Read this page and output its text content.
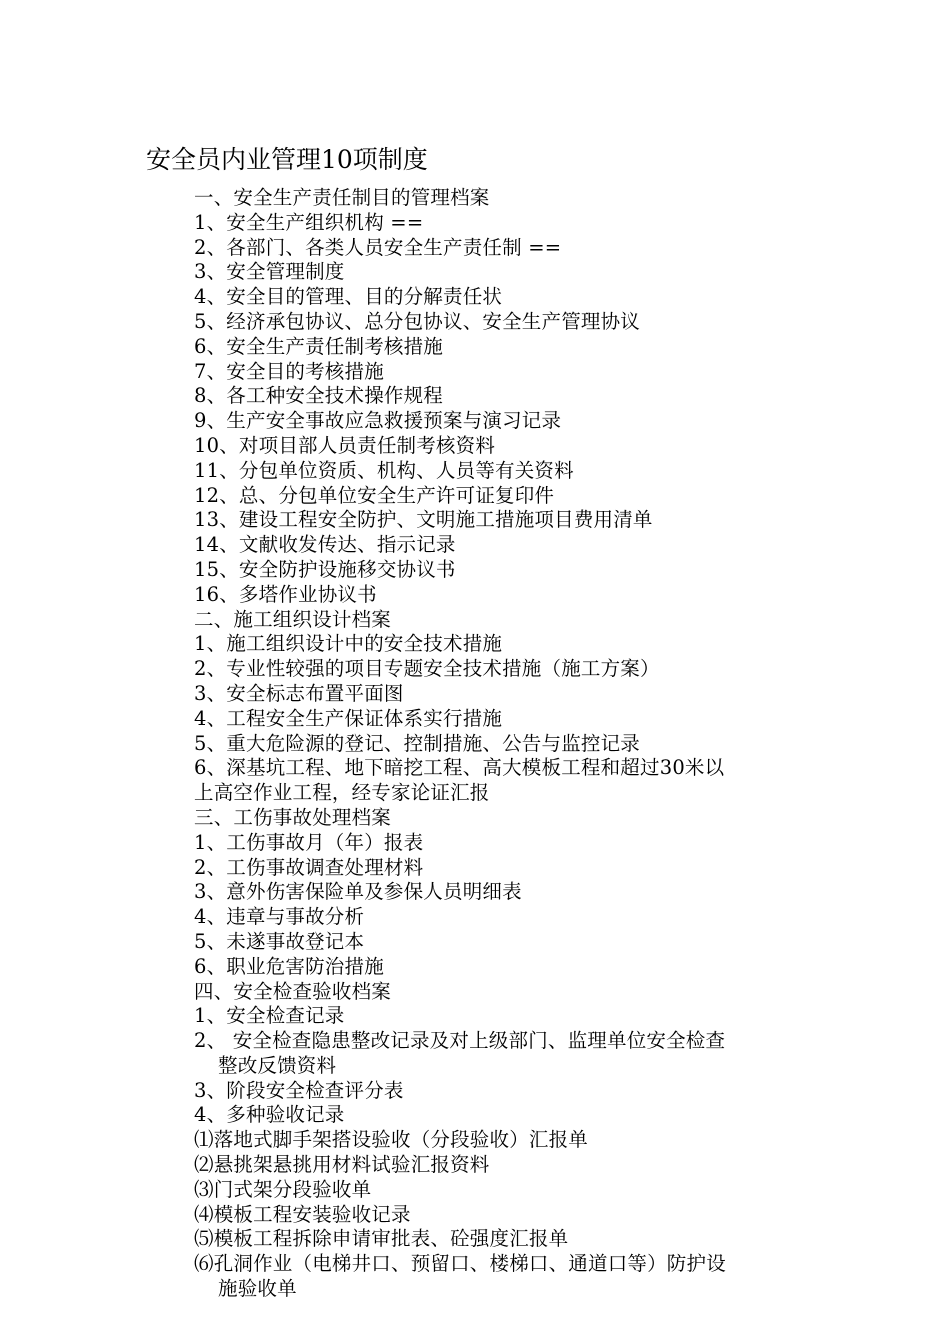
安全员内业管理10项制度
一、安全生产责任制目的管理档案
1、安全生产组织机构 ==
2、各部门、各类人员安全生产责任制 ==
3、安全管理制度
4、安全目的管理、目的分解责任状
5、经济承包协议、总分包协议、安全生产管理协议
6、安全生产责任制考核措施
7、安全目的考核措施
8、各工种安全技术操作规程
9、生产安全事故应急救援预案与演习记录
10、对项目部人员责任制考核资料
11、分包单位资质、机构、人员等有关资料
12、总、分包单位安全生产许可证复印件
13、建设工程安全防护、文明施工措施项目费用清单
14、文献收发传达、指示记录
15、安全防护设施移交协议书
16、多塔作业协议书
二、施工组织设计档案
1、施工组织设计中的安全技术措施
2、专业性较强的项目专题安全技术措施（施工方案）
3、安全标志布置平面图
4、工程安全生产保证体系实行措施
5、重大危险源的登记、控制措施、公告与监控记录
6、深基坑工程、地下暗挖工程、高大模板工程和超过30米以
上高空作业工程，经专家论证汇报
三、工伤事故处理档案
1、工伤事故月（年）报表
2、工伤事故调查处理材料
3、意外伤害保险单及参保人员明细表
4、违章与事故分析
5、未遂事故登记本
6、职业危害防治措施
四、安全检查验收档案
1、安全检查记录
2、 安全检查隐患整改记录及对上级部门、监理单位安全检查
整改反馈资料
3、阶段安全检查评分表
4、多种验收记录
⑴落地式脚手架搭设验收（分段验收）汇报单
⑵悬挑架悬挑用材料试验汇报资料
⑶门式架分段验收单
⑷模板工程安装验收记录
⑸模板工程拆除申请审批表、砼强度汇报单
⑹孔洞作业（电梯井口、预留口、楼梯口、通道口等）防护设
施验收单
